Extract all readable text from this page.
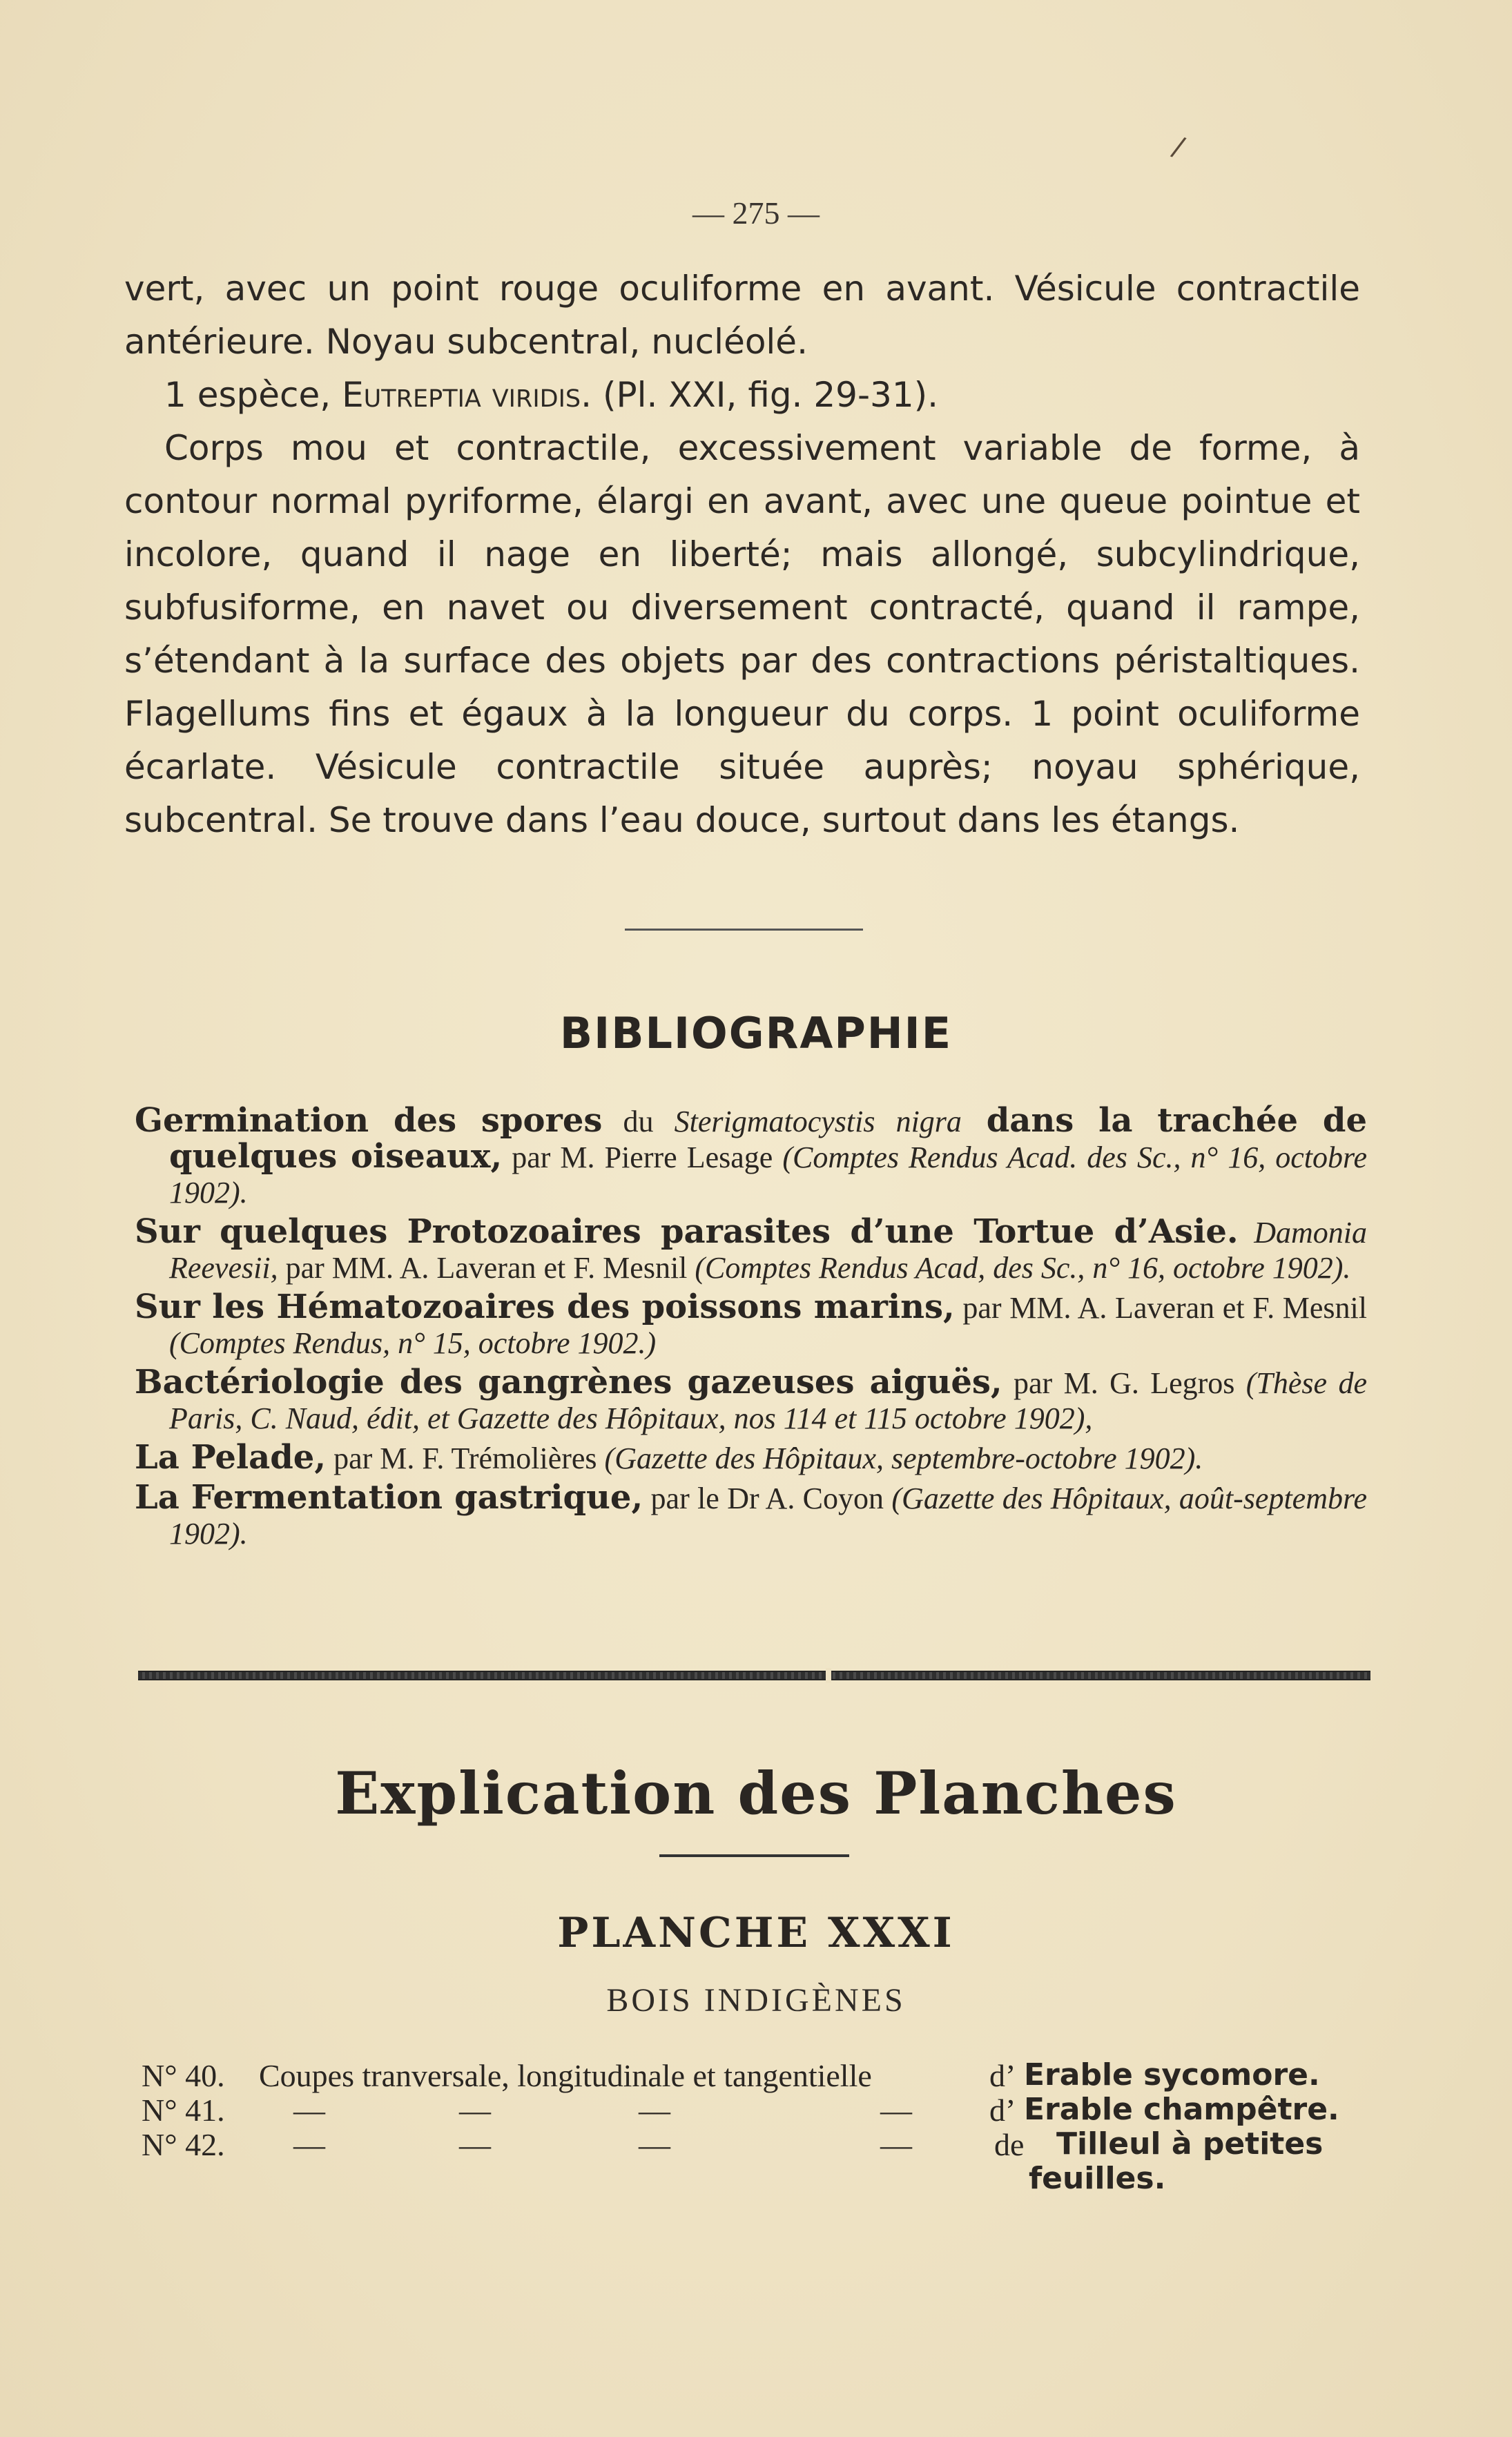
/
— 275 —

vert, avec un point rouge oculiforme en avant. Vésicule contractile antérieure. Noyau subcentral, nucléolé.

1 espèce, Eutreptia viridis. (Pl. XXI, fig. 29-31).

Corps mou et contractile, excessivement variable de forme, à contour normal pyriforme, élargi en avant, avec une queue pointue et incolore, quand il nage en liberté; mais allongé, subcylindrique, subfusiforme, en navet ou diversement contracté, quand il rampe, s’étendant à la surface des objets par des contractions péristaltiques. Flagellums fins et égaux à la longueur du corps. 1 point oculiforme écarlate. Vésicule contractile située auprès; noyau sphérique, subcentral. Se trouve dans l’eau douce, surtout dans les étangs.

BIBLIOGRAPHIE

Germination des spores du Sterigmatocystis nigra dans la trachée de quelques oiseaux, par M. Pierre Lesage (Comptes Rendus Acad. des Sc., n° 16, octobre 1902).

Sur quelques Protozoaires parasites d’une Tortue d’Asie. Damonia Reevesii, par MM. A. Laveran et F. Mesnil (Comptes Rendus Acad, des Sc., n° 16, octobre 1902).

Sur les Hématozoaires des poissons marins, par MM. A. Laveran et F. Mesnil (Comptes Rendus, n° 15, octobre 1902.)

Bactériologie des gangrènes gazeuses aiguës, par M. G. Legros (Thèse de Paris, C. Naud, édit, et Gazette des Hôpitaux, nos 114 et 115 octobre 1902),

La Pelade, par M. F. Trémolières (Gazette des Hôpitaux, septembre-octobre 1902).

La Fermentation gastrique, par le Dr A. Coyon (Gazette des Hôpitaux, août-septembre 1902).

Explication des Planches
PLANCHE XXXI
BOIS INDIGÈNES
N° 40. Coupes tranversale, longitudinale et tangentielle	d’ Erable sycomore.
N° 41. —	—	—	— d’ Erable champêtre.
N° 42. —	—	—	—	de Tilleul à petites
feuilles.
